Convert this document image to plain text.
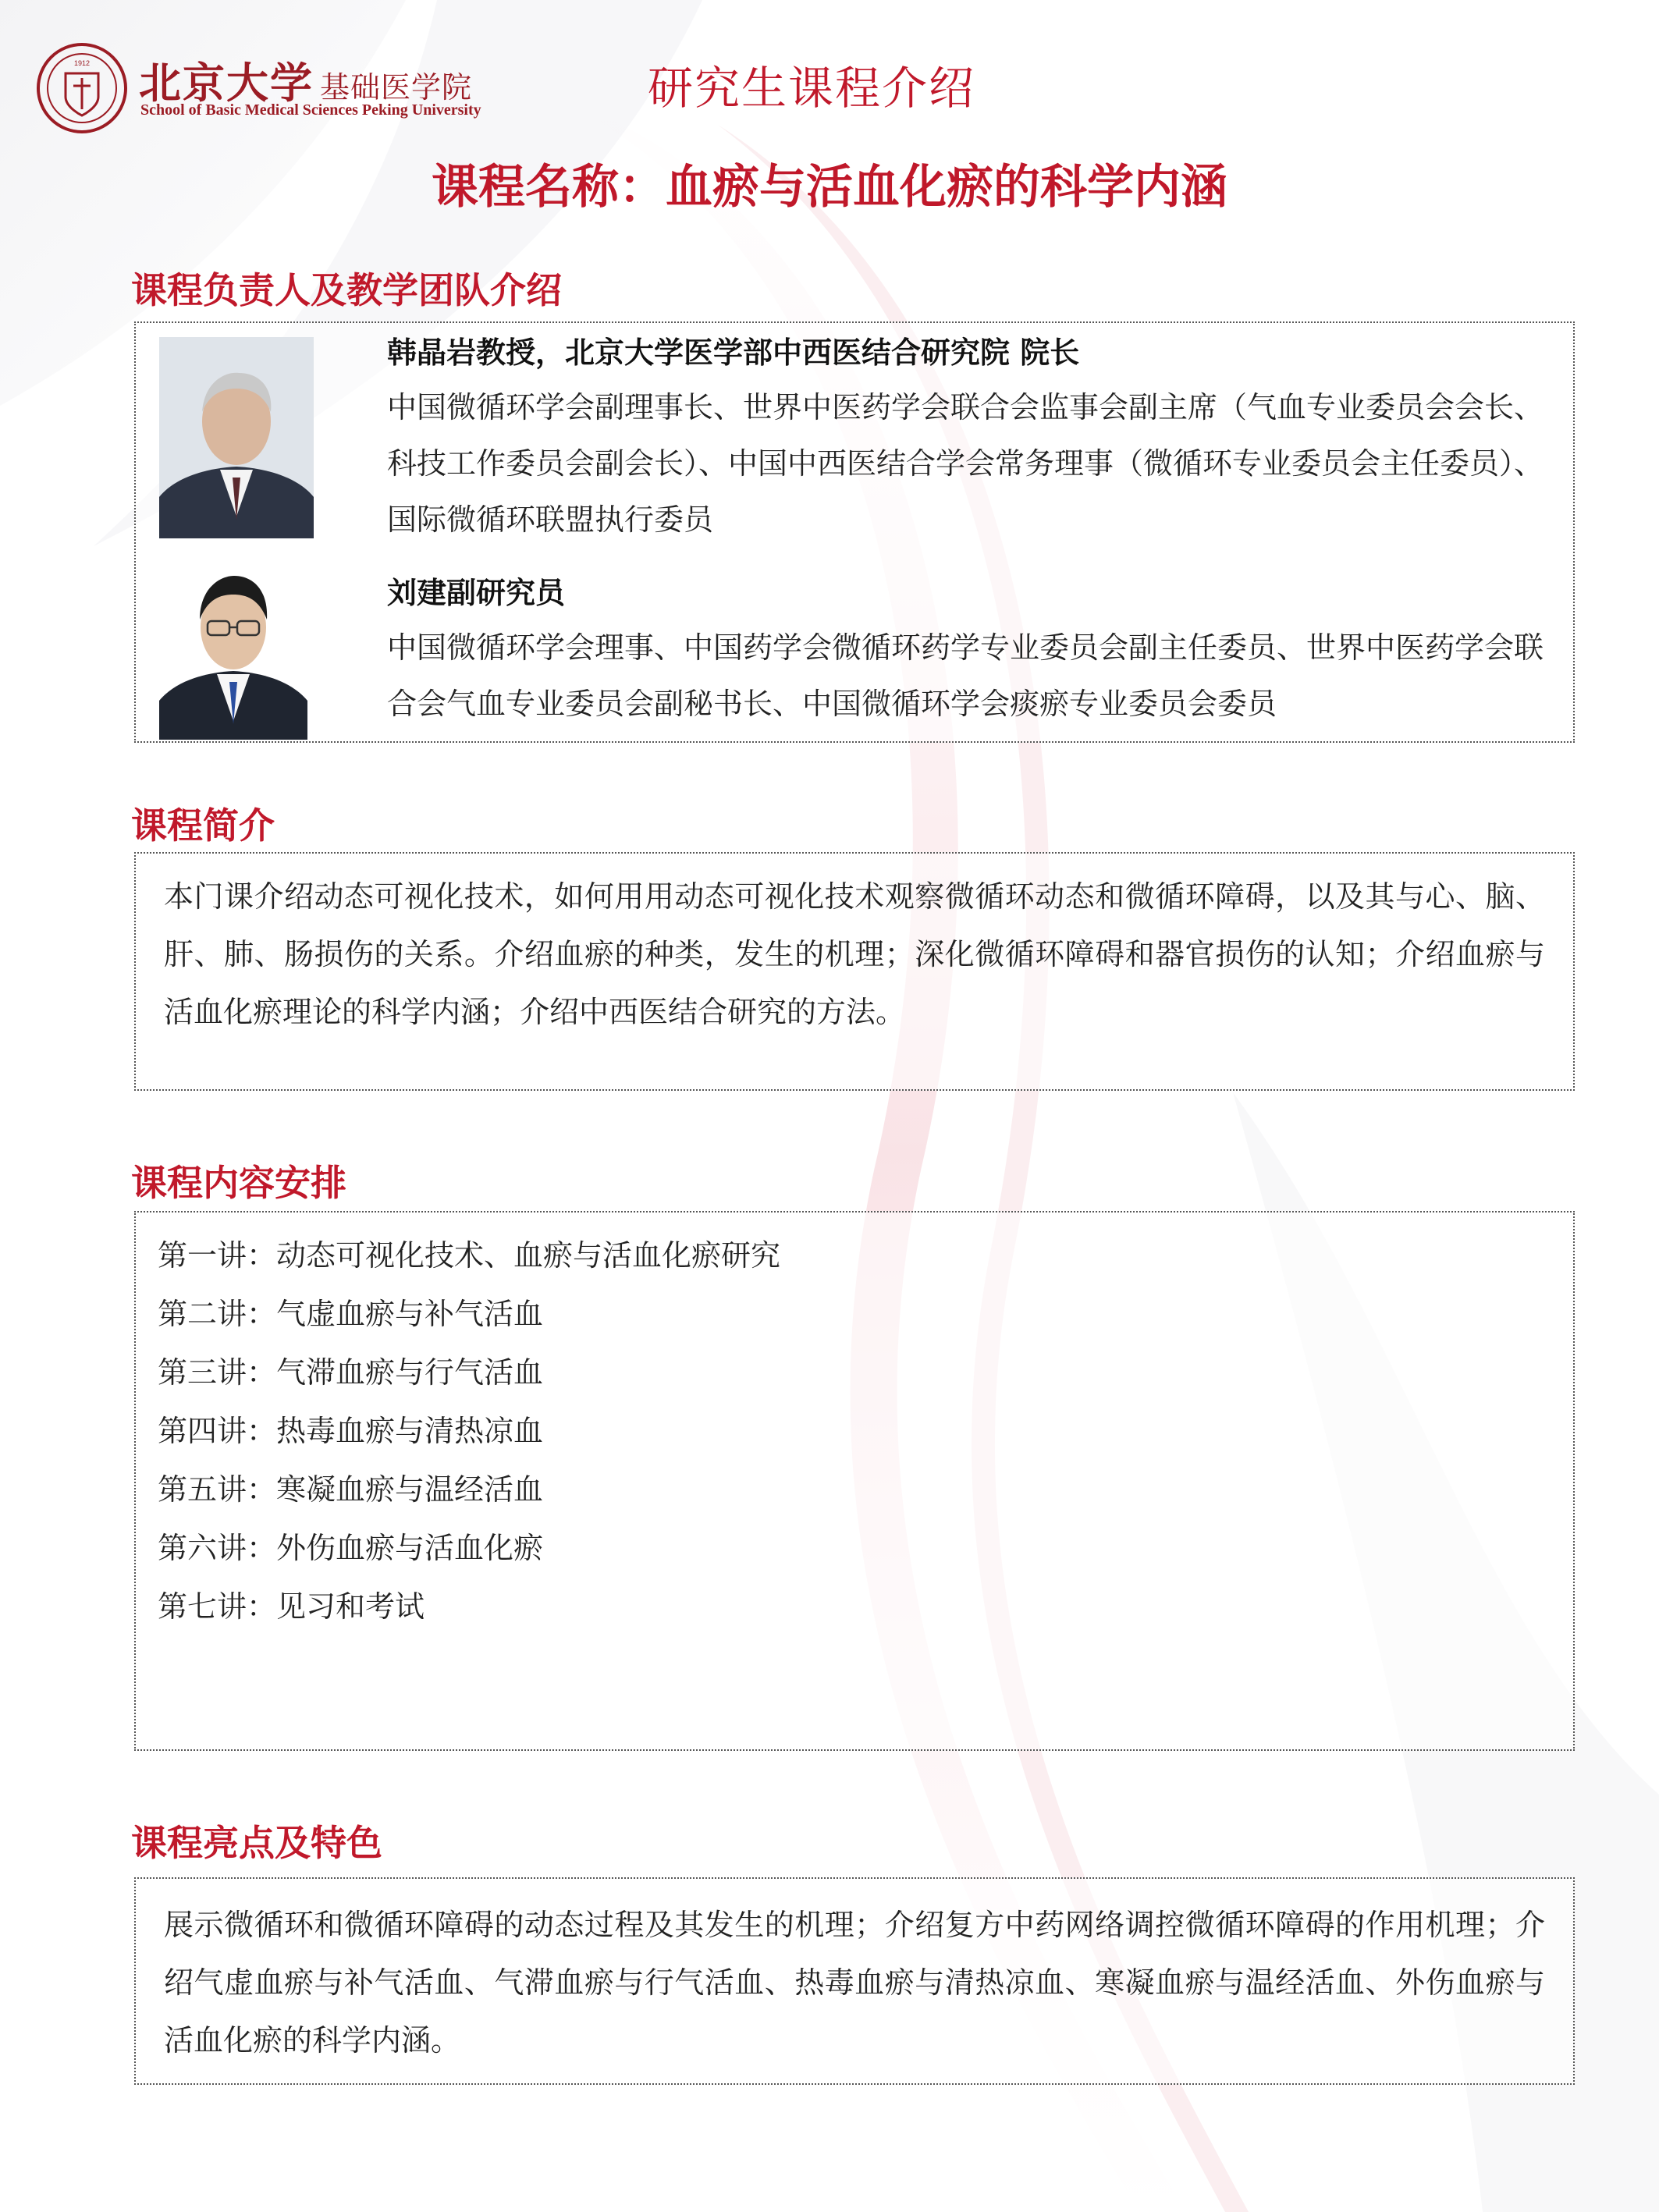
1912 北京大学 基础医学院
School of Basic Medical Sciences Peking University	研究生课程介绍
课程名称：血瘀与活血化瘀的科学内涵
课程负责人及教学团队介绍
韩晶岩教授，北京大学医学部中西医结合研究院 院长
中国微循环学会副理事长、世界中医药学会联合会监事会副主席（气血专业委员会会长、科技工作委员会副会长）、中国中西医结合学会常务理事（微循环专业委员会主任委员）、国际微循环联盟执行委员
刘建副研究员
中国微循环学会理事、中国药学会微循环药学专业委员会副主任委员、世界中医药学会联合会气血专业委员会副秘书长、中国微循环学会痰瘀专业委员会委员
课程简介
本门课介绍动态可视化技术，如何用用动态可视化技术观察微循环动态和微循环障碍，以及其与心、脑、肝、肺、肠损伤的关系。介绍血瘀的种类，发生的机理；深化微循环障碍和器官损伤的认知；介绍血瘀与活血化瘀理论的科学内涵；介绍中西医结合研究的方法。
课程内容安排
第一讲：动态可视化技术、血瘀与活血化瘀研究
第二讲：气虚血瘀与补气活血
第三讲：气滞血瘀与行气活血
第四讲：热毒血瘀与清热凉血
第五讲：寒凝血瘀与温经活血
第六讲：外伤血瘀与活血化瘀
第七讲：见习和考试
课程亮点及特色
展示微循环和微循环障碍的动态过程及其发生的机理；介绍复方中药网络调控微循环障碍的作用机理；介绍气虚血瘀与补气活血、气滞血瘀与行气活血、热毒血瘀与清热凉血、寒凝血瘀与温经活血、外伤血瘀与活血化瘀的科学内涵。
